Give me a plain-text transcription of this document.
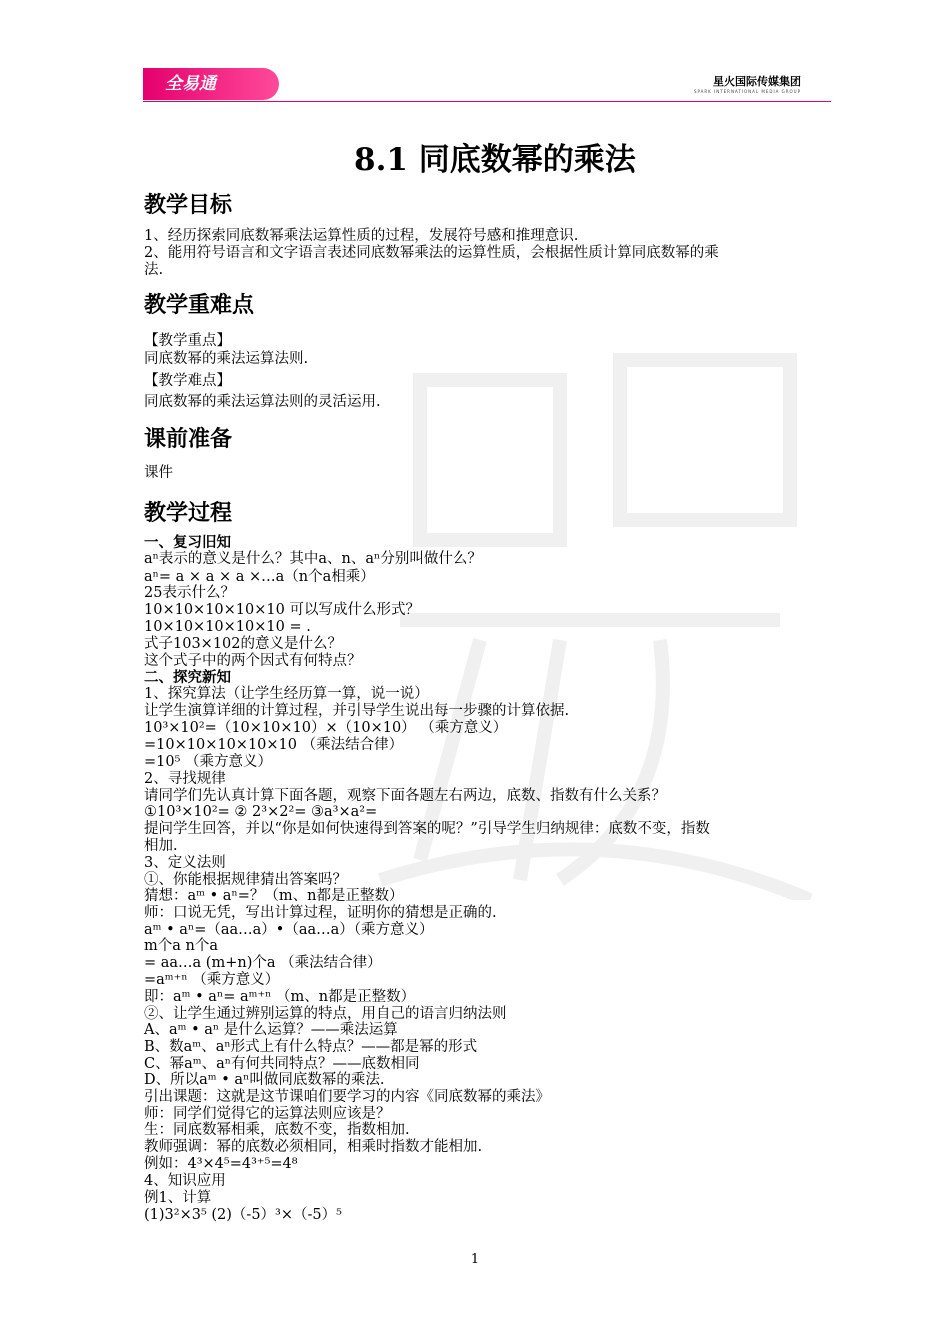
全易通	星火国际传媒集团
SPARK INTERNATIONAL MEDIA GROUP
8.1 同底数幂的乘法
教学目标
1、经历探索同底数幂乘法运算性质的过程，发展符号感和推理意识.
2、能用符号语言和文字语言表述同底数幂乘法的运算性质，会根据性质计算同底数幂的乘
法.
教学重难点
【教学重点】
同底数幂的乘法运算法则.
【教学难点】
同底数幂的乘法运算法则的灵活运用.
课前准备
课件
教学过程
一、复习旧知
aⁿ表示的意义是什么？其中a、n、aⁿ分别叫做什么？
aⁿ= a × a × a ×…a（n个a相乘）
25表示什么？
10×10×10×10×10 可以写成什么形式？
10×10×10×10×10 = .
式子103×102的意义是什么？
这个式子中的两个因式有何特点？
二、探究新知
1、探究算法（让学生经历算一算，说一说）
让学生演算详细的计算过程，并引导学生说出每一步骤的计算依据.
10³×10²=（10×10×10）×（10×10） （乘方意义）
=10×10×10×10×10 （乘法结合律）
=10⁵ （乘方意义）
2、寻找规律
请同学们先认真计算下面各题，观察下面各题左右两边，底数、指数有什么关系？
①10³×10²= ② 2³×2²= ③a³×a²=
提问学生回答，并以“你是如何快速得到答案的呢？”引导学生归纳规律：底数不变，指数
相加.
3、定义法则
①、你能根据规律猜出答案吗？
猜想：aᵐ • aⁿ=？（m、n都是正整数）
师：口说无凭，写出计算过程，证明你的猜想是正确的.
aᵐ • aⁿ=（aa…a）•（aa…a）（乘方意义）
m个a n个a
= aa…a (m+n)个a （乘法结合律）
=aᵐ⁺ⁿ （乘方意义）
即：aᵐ • aⁿ= aᵐ⁺ⁿ （m、n都是正整数）
②、让学生通过辨别运算的特点，用自己的语言归纳法则
A、aᵐ • aⁿ 是什么运算？——乘法运算
B、数aᵐ、aⁿ形式上有什么特点？——都是幂的形式
C、幂aᵐ、aⁿ有何共同特点？——底数相同
D、所以aᵐ • aⁿ叫做同底数幂的乘法.
引出课题：这就是这节课咱们要学习的内容《同底数幂的乘法》
师：同学们觉得它的运算法则应该是？
生：同底数幂相乘，底数不变，指数相加.
教师强调：幂的底数必须相同，相乘时指数才能相加.
例如：4³×4⁵=4³⁺⁵=4⁸
4、知识应用
例1、计算
(1)3²×3⁵ (2)（-5）³×（-5）⁵
1
